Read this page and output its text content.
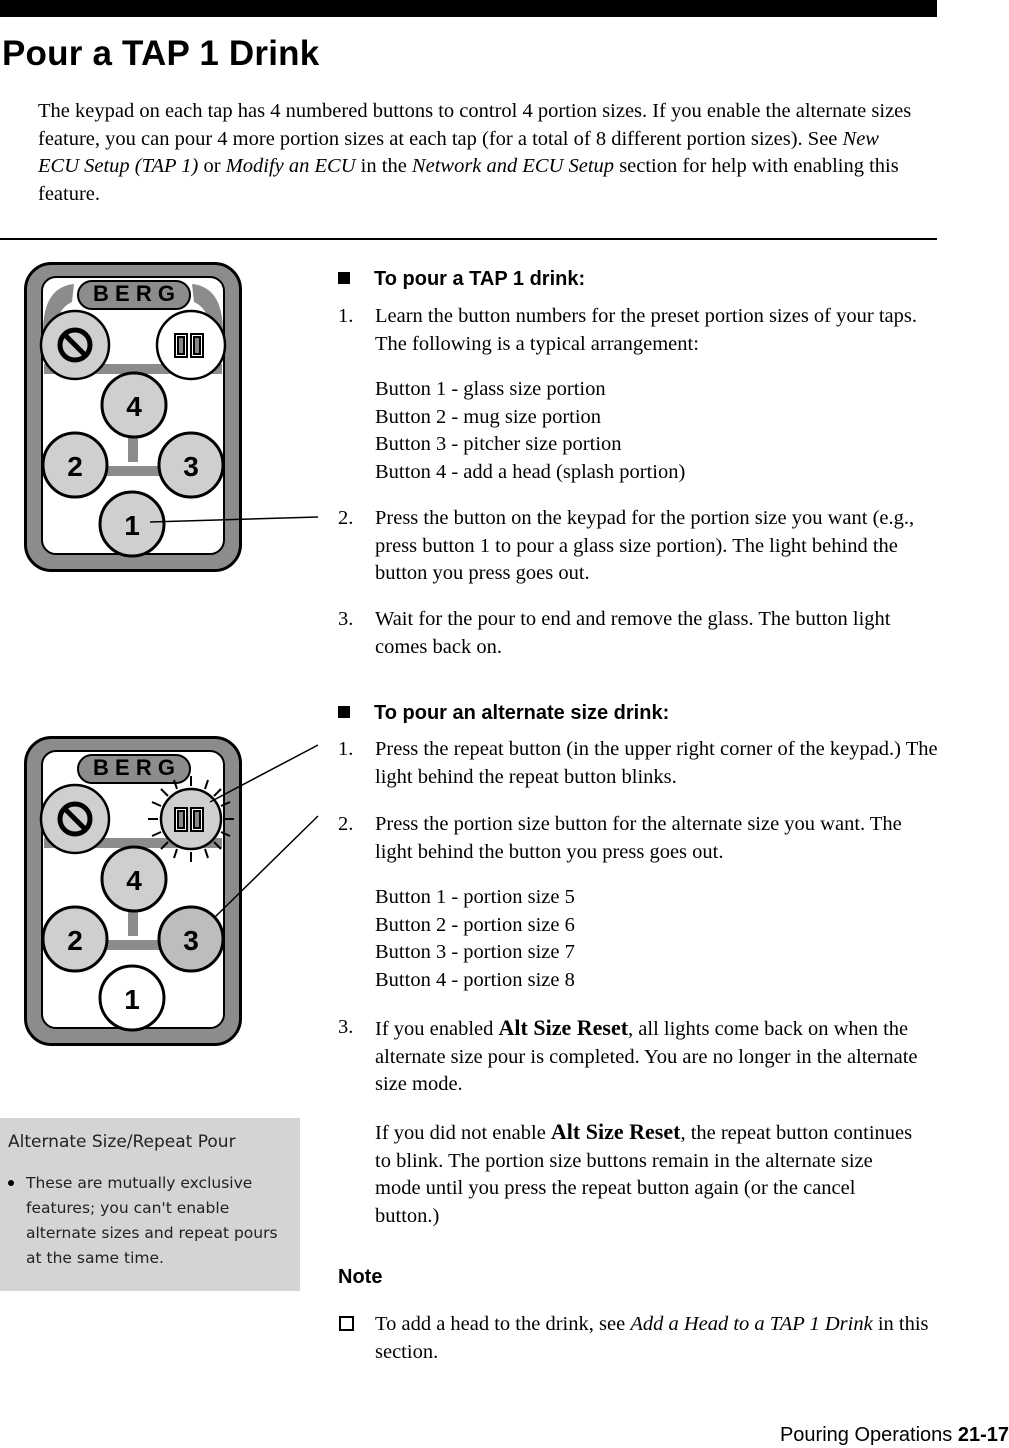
Pour a TAP 1 Drink
The keypad on each tap has 4 numbered buttons to control 4 portion sizes. If you enable the alternate sizes feature, you can pour 4 more portion sizes at each tap (for a total of 8 different portion sizes). See New ECU Setup (TAP 1) or Modify an ECU in the Network and ECU Setup section for help with enabling this feature.
B E R G
4
2	3
1
B E R G
4
2	3
1
To pour a TAP 1 drink:
1. Learn the button numbers for the preset portion sizes of your taps. The following is a typical arrangement:
Button 1 - glass size portion
Button 2 - mug size portion
Button 3 - pitcher size portion
Button 4 - add a head (splash portion)
2. Press the button on the keypad for the portion size you want (e.g., press button 1 to pour a glass size portion). The light behind the button you press goes out.
3. Wait for the pour to end and remove the glass. The button light comes back on.
To pour an alternate size drink:
1. Press the repeat button (in the upper right corner of the keypad.) The light behind the repeat button blinks.
2. Press the portion size button for the alternate size you want. The light behind the button you press goes out.
Button 1 - portion size 5
Button 2 - portion size 6
Button 3 - portion size 7
Button 4 - portion size 8
3. If you enabled Alt Size Reset, all lights come back on when the alternate size pour is completed. You are no longer in the alternate size mode.
If you did not enable Alt Size Reset, the repeat button continues to blink. The portion size buttons remain in the alternate size mode until you press the repeat button again (or the cancel button.)
Note
To add a head to the drink, see Add a Head to a TAP 1 Drink in this section.
Alternate Size/Repeat Pour
These are mutually exclusive features; you can't enable alternate sizes and repeat pours at the same time.
Pouring Operations 21-17
